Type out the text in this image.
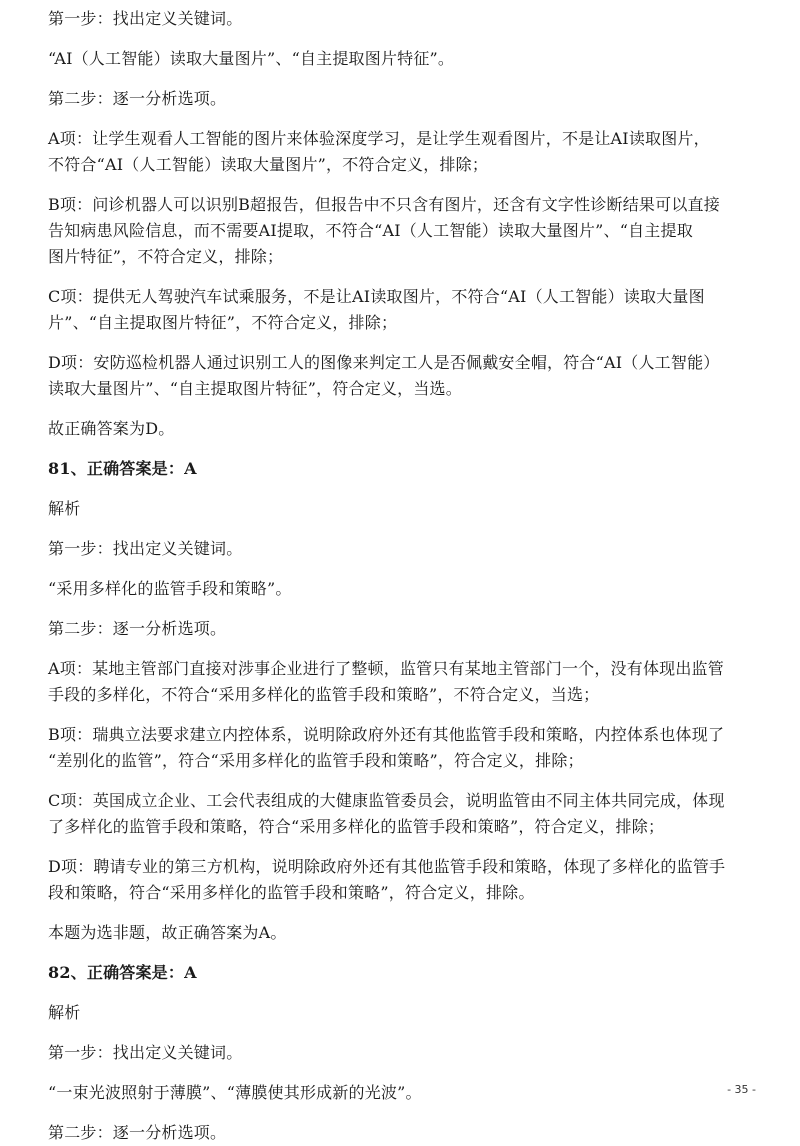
第一步：找出定义关键词。

“AI（人工智能）读取大量图片”、“自主提取图片特征”。

第二步：逐一分析选项。

A项：让学生观看人工智能的图片来体验深度学习，是让学生观看图片，不是让AI读取图片，

不符合“AI（人工智能）读取大量图片”，不符合定义，排除；

B项：问诊机器人可以识别B超报告，但报告中不只含有图片，还含有文字性诊断结果可以直接

告知病患风险信息，而不需要AI提取，不符合“AI（人工智能）读取大量图片”、“自主提取

图片特征”，不符合定义，排除；

C项：提供无人驾驶汽车试乘服务，不是让AI读取图片，不符合“AI（人工智能）读取大量图

片”、“自主提取图片特征”，不符合定义，排除；

D项：安防巡检机器人通过识别工人的图像来判定工人是否佩戴安全帽，符合“AI（人工智能）

读取大量图片”、“自主提取图片特征”，符合定义，当选。

故正确答案为D。

81、正确答案是：A

解析

第一步：找出定义关键词。

“采用多样化的监管手段和策略”。

第二步：逐一分析选项。

A项：某地主管部门直接对涉事企业进行了整顿，监管只有某地主管部门一个，没有体现出监管

手段的多样化，不符合“采用多样化的监管手段和策略”，不符合定义，当选；

B项：瑞典立法要求建立内控体系，说明除政府外还有其他监管手段和策略，内控体系也体现了

“差别化的监管”，符合“采用多样化的监管手段和策略”，符合定义，排除；

C项：英国成立企业、工会代表组成的大健康监管委员会，说明监管由不同主体共同完成，体现

了多样化的监管手段和策略，符合“采用多样化的监管手段和策略”，符合定义，排除；

D项：聘请专业的第三方机构，说明除政府外还有其他监管手段和策略，体现了多样化的监管手

段和策略，符合“采用多样化的监管手段和策略”，符合定义，排除。

本题为选非题，故正确答案为A。

82、正确答案是：A

解析

第一步：找出定义关键词。

“一束光波照射于薄膜”、“薄膜使其形成新的光波”。

第二步：逐一分析选项。

- 35 -
